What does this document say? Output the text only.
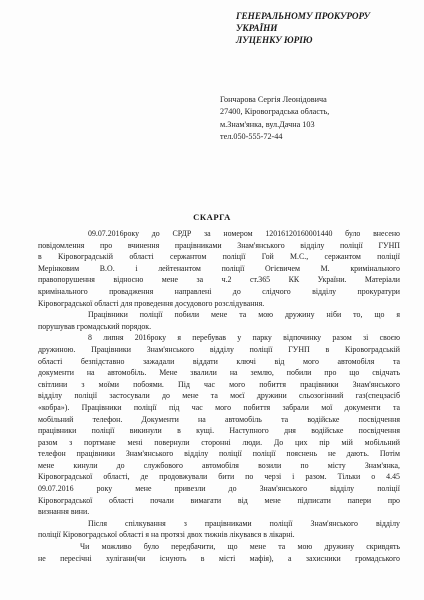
ГЕНЕРАЛЬНОМУ ПРОКУРОРУ
УКРАЇНИ
ЛУЦЕНКУ ЮРІЮ
Гончарова Сергія Леонідовича
27400, Кіровоградська область,
м.Знам'янка, вул.Дачна 103
тел.050-555-72-44
СКАРГА
09.07.2016року до СРДР за номером 12016120160001440 було внесено
повідомлення про вчинення працівниками Знам'янського відділу поліції ГУНП
в Кіровоградській області сержантом поліції Гой М.С., сержантом поліції
Мерінковим В.О. і лейтенантом поліції Огієвичем М. кримінального
правопорушення відносно мене за ч.2 ст.365 КК України. Матеріали
кримінального провадження направлені до слідчого відділу прокуратури
Кіровоградської області для проведення досудового розслідування.
Працівники поліції побили мене та мою дружину ніби то, що я
порушував громадський порядок.
8 липня 2016року я перебував у парку відпочинку разом зі своєю
дружиною. Працівники Знам'янського відділу поліції ГУНП в Кіровоградській
області безпідставно зажадали віддати ключі від мого автомобіля та
документи на автомобіль. Мене звалили на землю, побили про що свідчать
світлини з моїми побоями. Під час мого побиття працівники Знам'янського
відділу поліції застосували до мене та моєї дружини сльозогінний газ(спецзасіб
«кобра»). Працівники поліції під час мого побиття забрали мої документи та
мобільний телефон. Документи на автомобіль та водійське посвідчення
працівники поліції викинули в кущі. Наступного дня водійське посвідчення
разом з портмане мені повернули сторонні люди. До цих пір мій мобільний
телефон працівники Знам'янського відділу поліції поліції пояснень не дають. Потім
мене кинули до службового автомобіля возили по місту Знам'янка,
Кіровоградської області, де продовжували бити по черзі і разом. Тільки о 4.45
09.07.2016 року мене привезли до Знам'янського відділу поліції
Кіровоградської області почали вимагати від мене підписати папери про
визнання вини.
Після спілкування з працівниками поліції Знам'янського відділу
поліції Кіровоградської області я на протязі двох тижнів лікувався в лікарні.
Чи можливо було передбачити, що мене та мою дружину скривдять
не пересічні хулігани(чи існують в місті мафія), а захисники громадського
